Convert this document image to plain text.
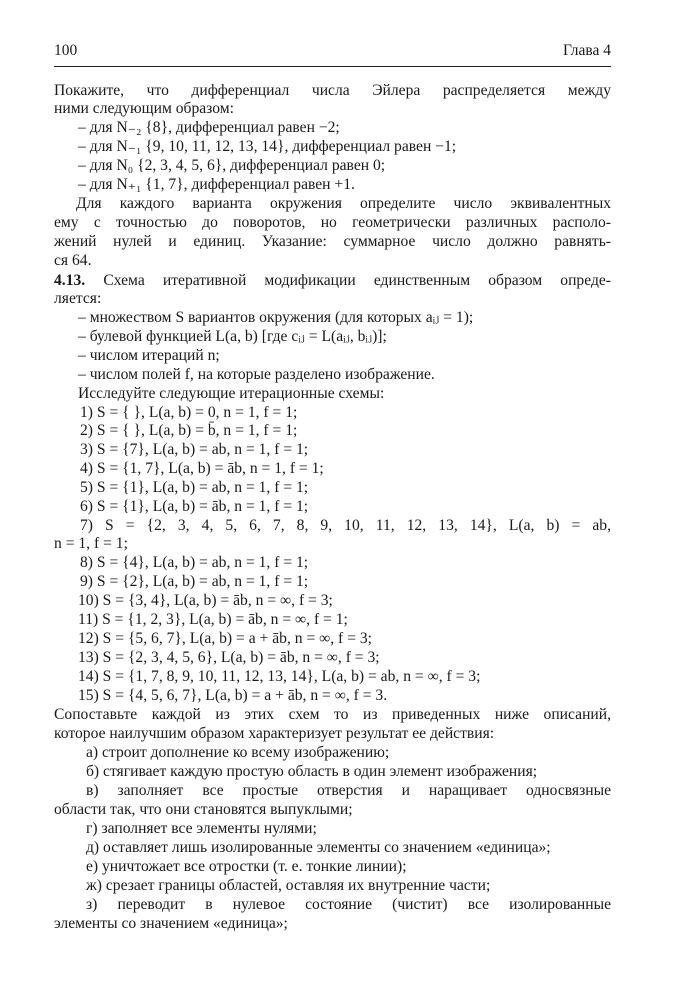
100	Глава 4
Покажите, что дифференциал числа Эйлера распределяется между
ними следующим образом:
– для N₋₂ {8}, дифференциал равен −2;
– для N₋₁ {9, 10, 11, 12, 13, 14}, дифференциал равен −1;
– для N₀ {2, 3, 4, 5, 6}, дифференциал равен 0;
– для N₊₁ {1, 7}, дифференциал равен +1.
Для каждого варианта окружения определите число эквивалентных
ему с точностью до поворотов, но геометрически различных располо-
жений нулей и единиц. Указание: суммарное число должно равнять-
ся 64.
4.13. Схема итеративной модификации единственным образом опреде-
ляется:
– множеством S вариантов окружения (для которых aᵢⱼ = 1);
– булевой функцией L(a, b) [где cᵢⱼ = L(aᵢⱼ, bᵢⱼ)];
– числом итераций n;
– числом полей f, на которые разделено изображение.
Исследуйте следующие итерационные схемы:
1) S = { }, L(a, b) = 0, n = 1, f = 1;
2) S = { }, L(a, b) = b̄, n = 1, f = 1;
3) S = {7}, L(a, b) = ab, n = 1, f = 1;
4) S = {1, 7}, L(a, b) = āb, n = 1, f = 1;
5) S = {1}, L(a, b) = ab, n = 1, f = 1;
6) S = {1}, L(a, b) = āb, n = 1, f = 1;
7) S = {2, 3, 4, 5, 6, 7, 8, 9, 10, 11, 12, 13, 14}, L(a, b) = ab,
n = 1, f = 1;
8) S = {4}, L(a, b) = ab, n = 1, f = 1;
9) S = {2}, L(a, b) = ab, n = 1, f = 1;
10) S = {3, 4}, L(a, b) = āb, n = ∞, f = 3;
11) S = {1, 2, 3}, L(a, b) = āb, n = ∞, f = 1;
12) S = {5, 6, 7}, L(a, b) = a + āb, n = ∞, f = 3;
13) S = {2, 3, 4, 5, 6}, L(a, b) = āb, n = ∞, f = 3;
14) S = {1, 7, 8, 9, 10, 11, 12, 13, 14}, L(a, b) = ab, n = ∞, f = 3;
15) S = {4, 5, 6, 7}, L(a, b) = a + āb, n = ∞, f = 3.
Сопоставьте каждой из этих схем то из приведенных ниже описаний,
которое наилучшим образом характеризует результат ее действия:
а) строит дополнение ко всему изображению;
б) стягивает каждую простую область в один элемент изображения;
в) заполняет все простые отверстия и наращивает односвязные
области так, что они становятся выпуклыми;
г) заполняет все элементы нулями;
д) оставляет лишь изолированные элементы со значением «единица»;
е) уничтожает все отростки (т. е. тонкие линии);
ж) срезает границы областей, оставляя их внутренние части;
з) переводит в нулевое состояние (чистит) все изолированные
элементы со значением «единица»;
